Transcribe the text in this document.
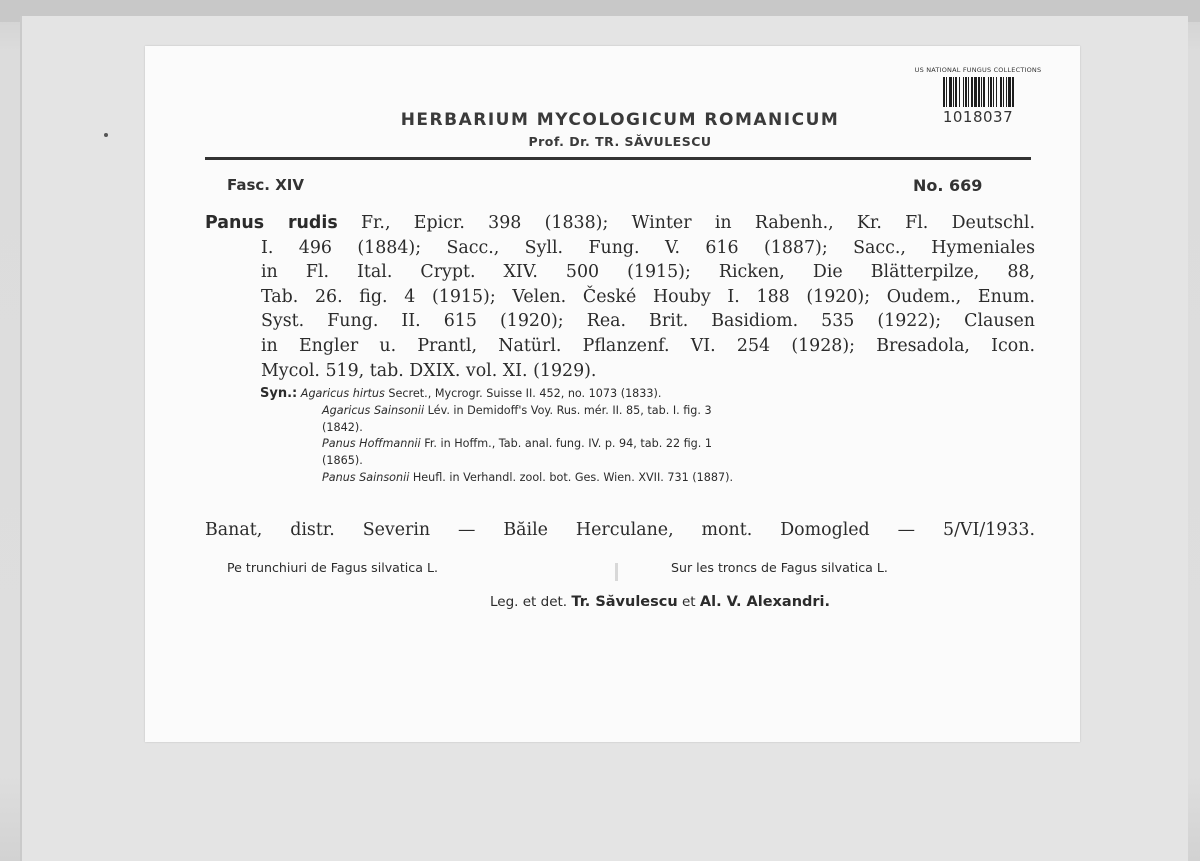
US NATIONAL FUNGUS COLLECTIONS
1018037
HERBARIUM MYCOLOGICUM ROMANICUM
Prof. Dr. TR. SĂVULESCU
Fasc. XIV	No. 669
Panus rudis Fr., Epicr. 398 (1838); Winter in Rabenh., Kr. Fl. Deutschl.
I. 496 (1884); Sacc., Syll. Fung. V. 616 (1887); Sacc., Hymeniales
in Fl. Ital. Crypt. XIV. 500 (1915); Ricken, Die Blätterpilze, 88,
Tab. 26. fig. 4 (1915); Velen. České Houby I. 188 (1920); Oudem., Enum.
Syst. Fung. II. 615 (1920); Rea. Brit. Basidiom. 535 (1922); Clausen
in Engler u. Prantl, Natürl. Pflanzenf. VI. 254 (1928); Bresadola, Icon.
Mycol. 519, tab. DXIX. vol. XI. (1929).
Syn.: Agaricus hirtus Secret., Mycrogr. Suisse II. 452, no. 1073 (1833).
Agaricus Sainsonii Lév. in Demidoff's Voy. Rus. mér. II. 85, tab. I. fig. 3
(1842).
Panus Hoffmannii Fr. in Hoffm., Tab. anal. fung. IV. p. 94, tab. 22 fig. 1
(1865).
Panus Sainsonii Heufl. in Verhandl. zool. bot. Ges. Wien. XVII. 731 (1887).
Banat, distr. Severin — Băile Herculane, mont. Domogled — 5/VI/1933.
Pe trunchiuri de Fagus silvatica L.	Sur les troncs de Fagus silvatica L.
Leg. et det. Tr. Săvulescu et Al. V. Alexandri.
